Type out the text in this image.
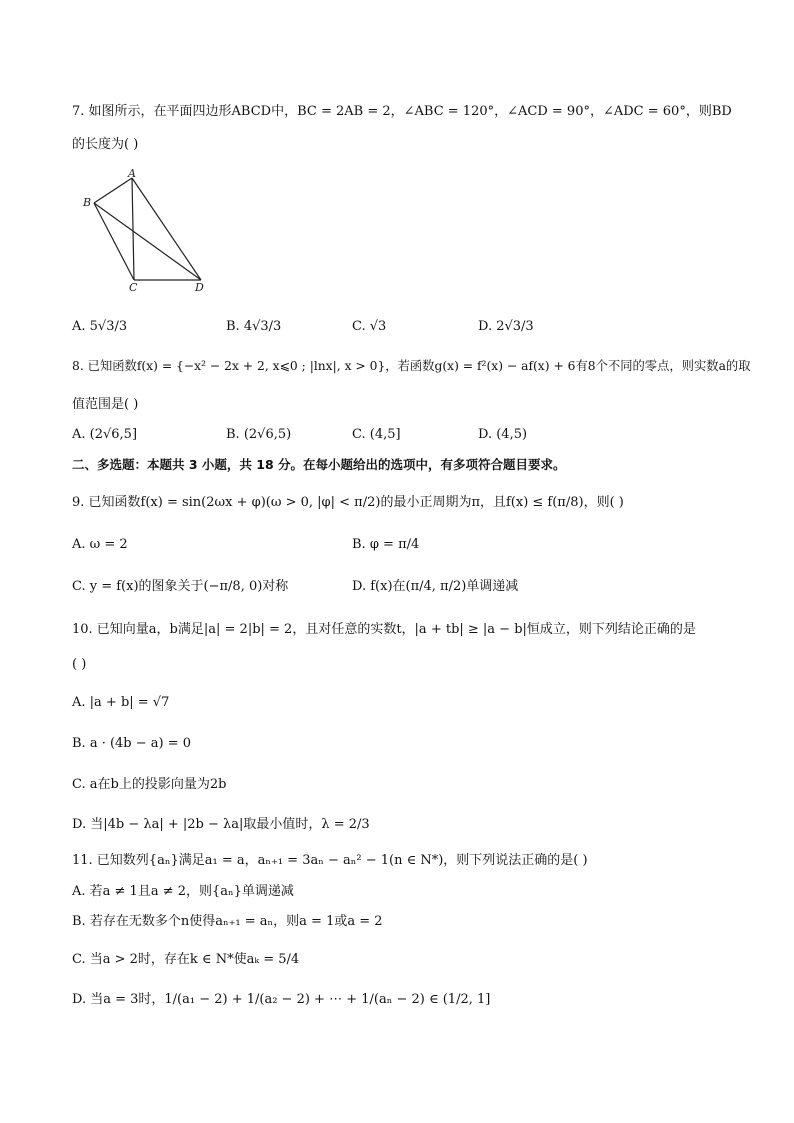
7. 如图所示，在平面四边形ABCD中，BC = 2AB = 2，∠ABC = 120°，∠ACD = 90°，∠ADC = 60°，则BD
的长度为( )
A
B
C	D
A. 5√3/3	B. 4√3/3	C. √3	D. 2√3/3
8. 已知函数f(x) = {−x² − 2x + 2, x⩽0 ; |lnx|, x > 0}，若函数g(x) = f²(x) − af(x) + 6有8个不同的零点，则实数a的取
值范围是( )
A. (2√6,5]	B. (2√6,5)	C. (4,5]	D. (4,5)
二、多选题：本题共 3 小题，共 18 分。在每小题给出的选项中，有多项符合题目要求。
9. 已知函数f(x) = sin(2ωx + φ)(ω > 0, |φ| < π/2)的最小正周期为π，且f(x) ≤ f(π/8)，则( )
A. ω = 2	B. φ = π/4
C. y = f(x)的图象关于(−π/8, 0)对称	D. f(x)在(π/4, π/2)单调递减
10. 已知向量a，b满足|a| = 2|b| = 2，且对任意的实数t，|a + tb| ≥ |a − b|恒成立，则下列结论正确的是
( )
A. |a + b| = √7
B. a · (4b − a) = 0
C. a在b上的投影向量为2b
D. 当|4b − λa| + |2b − λa|取最小值时，λ = 2/3
11. 已知数列{aₙ}满足a₁ = a，aₙ₊₁ = 3aₙ − aₙ² − 1(n ∈ N*)，则下列说法正确的是( )
A. 若a ≠ 1且a ≠ 2，则{aₙ}单调递减
B. 若存在无数多个n使得aₙ₊₁ = aₙ，则a = 1或a = 2
C. 当a > 2时，存在k ∈ N*使aₖ = 5/4
D. 当a = 3时，1/(a₁ − 2) + 1/(a₂ − 2) + ⋯ + 1/(aₙ − 2) ∈ (1/2, 1]
